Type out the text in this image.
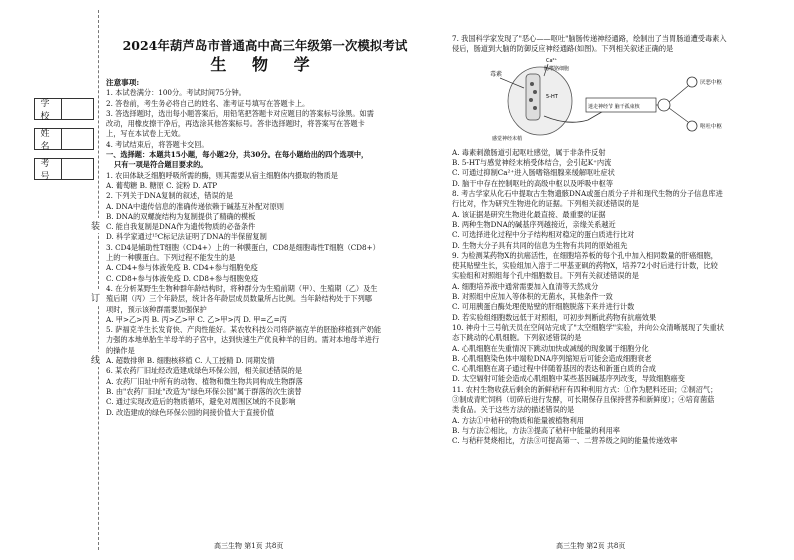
学 校
姓 名
考 号
装
订
线
2024年葫芦岛市普通高中高三年级第一次模拟考试
生 物 学

注意事项:

1. 本试卷满分：100分。考试时间75分钟。

2. 答卷前，考生务必将自己的姓名、准考证号填写在答题卡上。

3. 答选择题时，选出每小题答案后，用铅笔把答题卡对应题目的答案标号涂黑。如需

改动，用橡皮擦干净后，再选涂其他答案标号。答非选择题时，将答案写在答题卡

上，写在本试卷上无效。

4. 考试结束后，将答题卡交回。

一、选择题：本题共15小题，每小题2分，共30分。在每小题给出的四个选项中，

只有一项是符合题目要求的。

1. 农田体缺乏细胞呼吸所需的酶，则其需要从宿主细胞体内摄取的物质是

A. 葡萄糖 B. 糖原 C. 淀粉 D. ATP

2. 下列关于DNA复制的叙述，错误的是

A. DNA中遗传信息的准确传递依赖于碱基互补配对原则

B. DNA的双螺旋结构为复制提供了精确的模板

C. 能自我复制是DNA作为遗传物质的必备条件

D. 科学家通过¹⁵C标记法证明了DNA的半保留复制

3. CD4是辅助性T细胞（CD4+）上的一种膜蛋白，CD8是细胞毒性T细胞（CD8+）

上的一种膜蛋白。下列过程不能发生的是

A. CD4+参与体液免疫 B. CD4+参与细胞免疫

C. CD8+参与体液免疫 D. CD8+参与细胞免疫

4. 在分析某野生生物种群年龄结构时，将种群分为生殖前期（甲）、生殖期（乙）及生

殖后期（丙）三个年龄层，统计各年龄层成员数量所占比例。当年龄结构处于下列哪

项时，预示该种群需要加强保护

A. 甲>乙>丙 B. 丙>乙>甲 C. 乙>甲>丙 D. 甲=乙=丙

5. 萨福克羊生长发育快、产肉性能好。某农牧科技公司将萨福克羊的胚胎移植到产奶能

力强的本地单胎生羊母羊的子宫中，达到快速生产优良种羊的目的。需对本地母羊进行

的操作是

A. 超数排卵 B. 细胞核移植 C. 人工授精 D. 同期发情

6. 某农药厂旧址经改造建成绿色环保公园，相关叙述错误的是

A. 农药厂旧址中所有的动物、植物和微生物共同构成生物群落

B. 由"农药厂旧址"改造为"绿色环保公园"属于群落的次生演替

C. 通过实现改造后的物质循环，避免对周围区域的不良影响

D. 改造建成的绿色环保公园的间接价值大于直接价值

7. 我国科学家发现了"恶心——呕吐"脑肠传递神经通路，绘制出了当胃肠道遭受毒素入

侵后，肠道到大脑的防御反应神经通路(如图)。下列相关叙述正确的是

毒素
肠嗜铬细胞
Ca²⁺
5-HT
感觉神经末梢
迷走神经节 脑干孤束核
厌恶中枢
呕吐中枢

A. 毒素刺激肠道引起呕吐感觉，属于非条件反射

B. 5-HT与感觉神经末梢受体结合，会引起K⁺内流

C. 可通过抑制Ca²⁺进入肠嗜铬细腺来缓解呕吐症状

D. 脑干中存在控制呕吐的高级中枢以及呼吸中枢等

8. 考古学家从化石中提取古生物遗骸DNA或蛋白质分子并和现代生物的分子信息库进

行比对，作为研究生物进化的证据。下列相关叙述错误的是

A. 该证据是研究生物进化最直接、最重要的证据

B. 两种生物DNA的碱基序列越接近，亲缘关系越近

C. 可选择进化过程中分子结构相对稳定的蛋白质进行比对

D. 生物大分子具有共同的信息为生物有共同的原始祖先

9. 为检测某药物X的抗癌活性，在细胞培养板的每个孔中加入相同数量的肝癌细胞，

使其贴壁生长，实验组加入溶于二甲基亚砜的药物X，培养72小时后进行计数，比较

实验组和对照组每个孔中细胞数目。下列有关叙述错误的是

A. 细胞培养液中通常需要加入血清等天然成分

B. 对照组中应加入等体积的无菌水，其他条件一致

C. 可用胰蛋白酶处理使贴壁的肝细胞脱落下来并进行计数

D. 若实验组细胞数远低于对照组，可初步判断此药物有抗癌效果

10. 神舟十三号航天员在空间站完成了"太空细胞学"实验，并向公众清晰展现了失重状

态下跳动的心肌细胞。下列叙述错误的是

A. 心肌细胞在失重情况下跳动加快或减缓的现象属于细胞分化

B. 心肌细胞染色体中端粒DNA序列缩短后可能会造成细胞衰老

C. 心肌细胞在离子通过程中伴随着基因的表达和新蛋白质的合成

D. 太空辐射可能会造成心肌细胞中某些基因碱基序列改变，导致细胞癌变

11. 农村生物收获后剩余的新鲜秸秆有四种利用方式：①作为肥料还田；②制沼气；

③制成青贮饲料（切碎后进行发酵，可长期保存且保持营养和新鲜度）；④培育菌菇

类食品。关于这些方法的描述错误的是

A. 方法①中秸秆的物质和能量被植物利用

B. 与方法②相比，方法③提高了秸秆中能量的利用率

C. 与秸秆焚烧相比，方法③可提高第一、二营养级之间的能量传递效率

高三生物 第1页 共8页	高三生物 第2页 共8页
